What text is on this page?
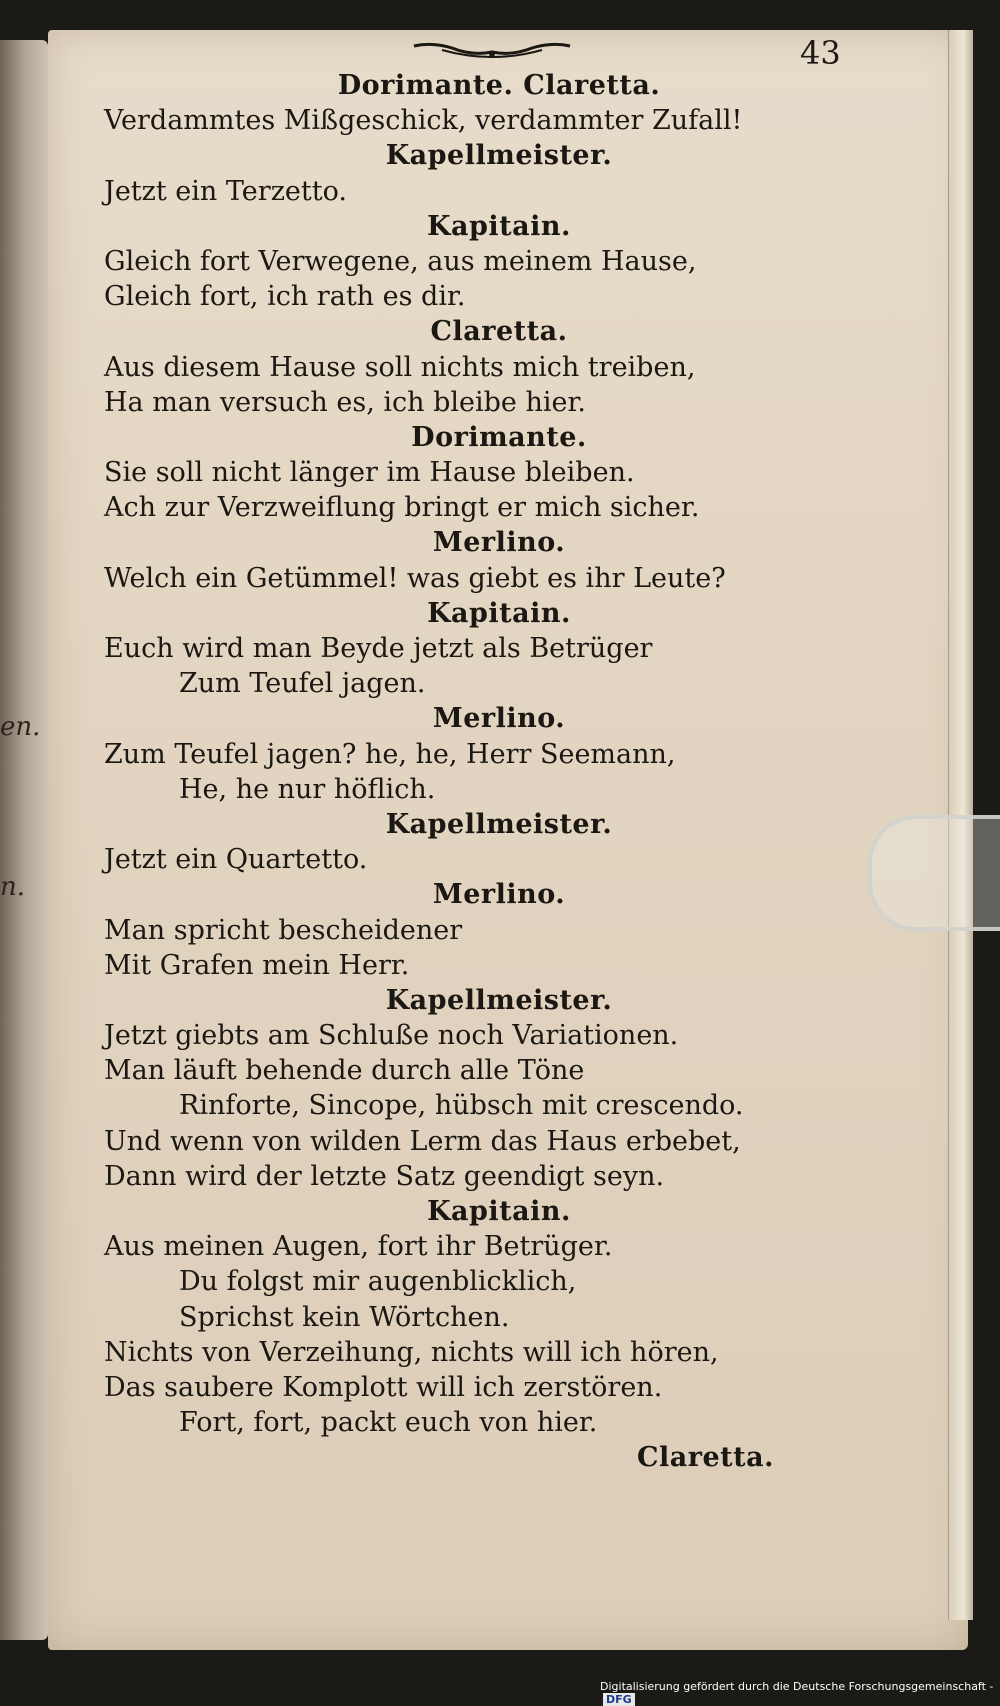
en.
n.
43
Dorimante. Claretta.
Verdammtes Mißgeschick, verdammter Zufall!
Kapellmeister.
Jetzt ein Terzetto.
Kapitain.
Gleich fort Verwegene, aus meinem Hause,
Gleich fort, ich rath es dir.
Claretta.
Aus diesem Hause soll nichts mich treiben,
Ha man versuch es, ich bleibe hier.
Dorimante.
Sie soll nicht länger im Hause bleiben.
Ach zur Verzweiflung bringt er mich sicher.
Merlino.
Welch ein Getümmel! was giebt es ihr Leute?
Kapitain.
Euch wird man Beyde jetzt als Betrüger
Zum Teufel jagen.
Merlino.
Zum Teufel jagen? he, he, Herr Seemann,
He, he nur höflich.
Kapellmeister.
Jetzt ein Quartetto.
Merlino.
Man spricht bescheidener
Mit Grafen mein Herr.
Kapellmeister.
Jetzt giebts am Schluße noch Variationen.
Man läuft behende durch alle Töne
Rinforte, Sincope, hübsch mit crescendo.
Und wenn von wilden Lerm das Haus erbebet,
Dann wird der letzte Satz geendigt seyn.
Kapitain.
Aus meinen Augen, fort ihr Betrüger.
Du folgst mir augenblicklich,
Sprichst kein Wörtchen.
Nichts von Verzeihung, nichts will ich hören,
Das saubere Komplott will ich zerstören.
Fort, fort, packt euch von hier.
Claretta.
Digitalisierung gefördert durch die Deutsche Forschungsgemeinschaft -DFG
